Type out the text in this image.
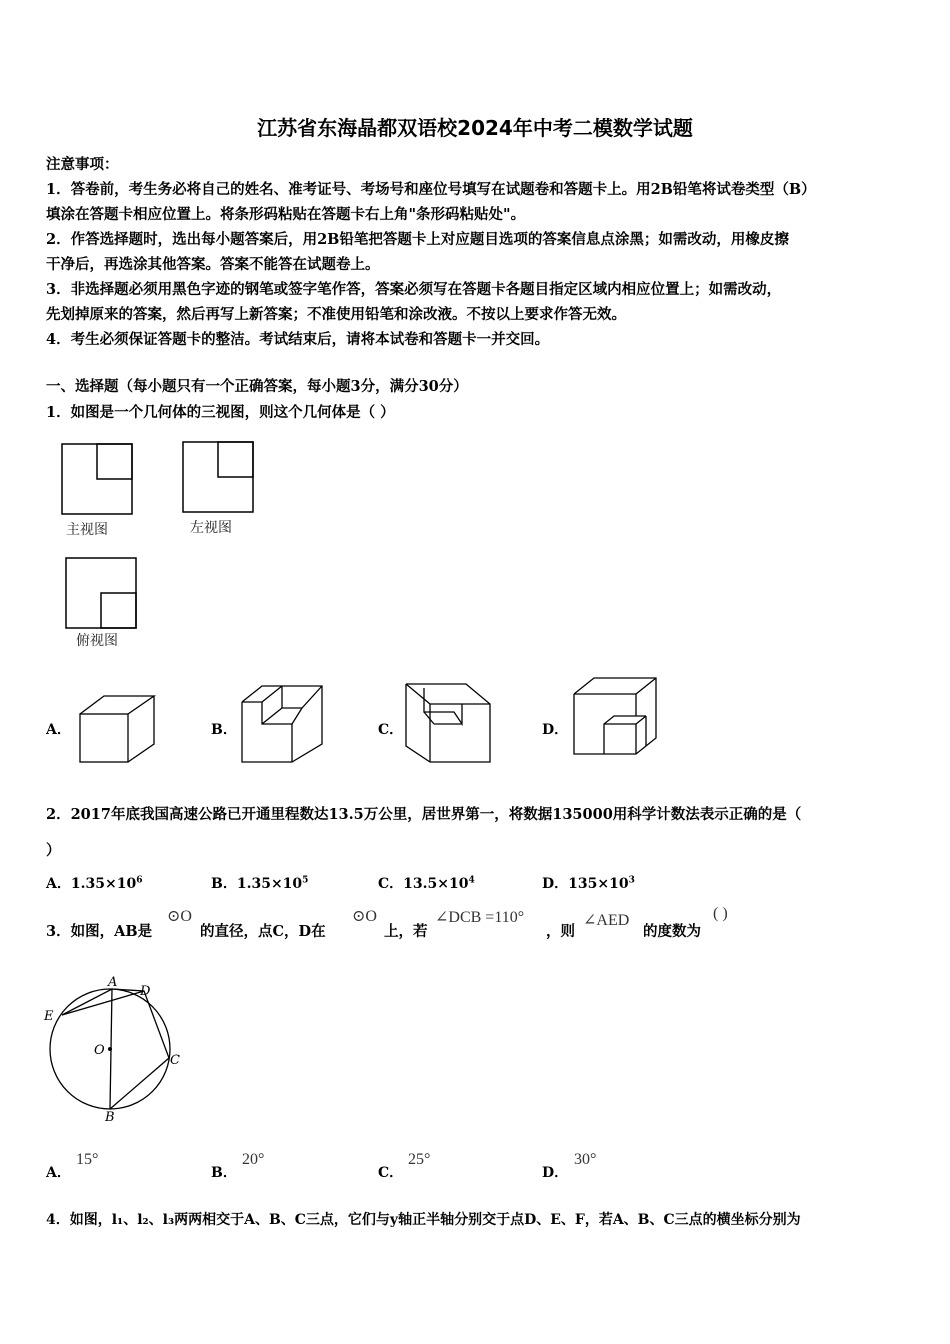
江苏省东海晶都双语校2024年中考二模数学试题
注意事项：
1．答卷前，考生务必将自己的姓名、准考证号、考场号和座位号填写在试题卷和答题卡上。用2B铅笔将试卷类型（B）
填涂在答题卡相应位置上。将条形码粘贴在答题卡右上角"条形码粘贴处"。
2．作答选择题时，选出每小题答案后，用2B铅笔把答题卡上对应题目选项的答案信息点涂黑；如需改动，用橡皮擦
干净后，再选涂其他答案。答案不能答在试题卷上。
3．非选择题必须用黑色字迹的钢笔或签字笔作答，答案必须写在答题卡各题目指定区域内相应位置上；如需改动，
先划掉原来的答案，然后再写上新答案；不准使用铅笔和涂改液。不按以上要求作答无效。
4．考生必须保证答题卡的整洁。考试结束后，请将本试卷和答题卡一并交回。
一、选择题（每小题只有一个正确答案，每小题3分，满分30分）
1．如图是一个几何体的三视图，则这个几何体是（ ）
主视图	左视图
俯视图
A．	B．	C．	D．
2．2017年底我国高速公路已开通里程数达13.5万公里，居世界第一，将数据135000用科学计数法表示正确的是（
）
A．$1.35\times 10^6$	B．$1.35\times 10^5$	C．$13.5\times 10^4$	D．$135\times 10^3$
3．如图，AB是
⊙O
的直径，点C，D在
⊙O
上，若
∠DCB =110°
，则
∠AED
的度数为
( )
A
D
E
O
C
B
A．
15°
B．
20°
C．
25°
D．
30°
4．如图，l₁、l₂、l₃两两相交于A、B、C三点，它们与y轴正半轴分别交于点D、E、F，若A、B、C三点的横坐标分别为
